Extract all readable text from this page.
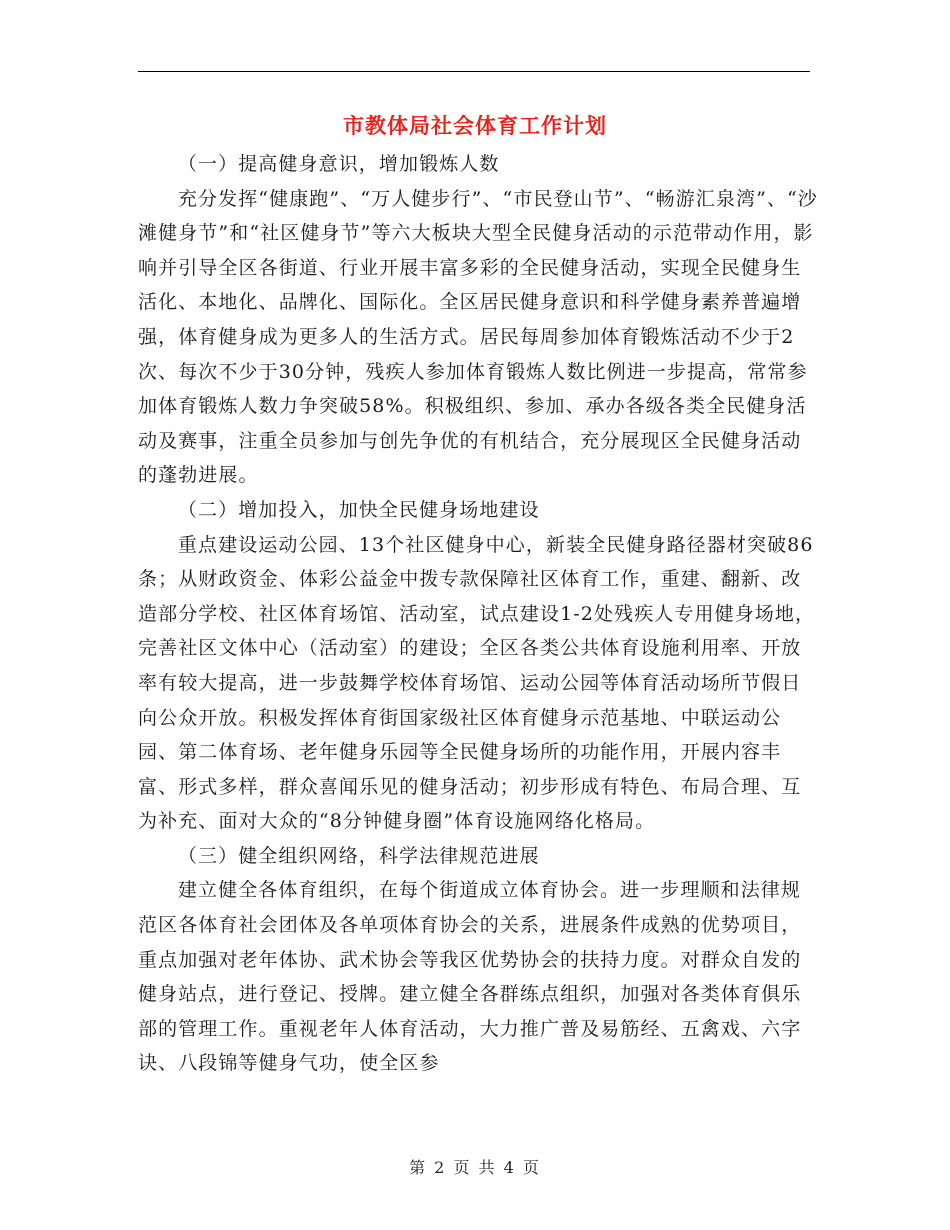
市教体局社会体育工作计划

（一）提高健身意识，增加锻炼人数

充分发挥“健康跑”、“万人健步行”、“市民登山节”、“畅游汇泉湾”、“沙滩健身节”和“社区健身节”等六大板块大型全民健身活动的示范带动作用，影响并引导全区各街道、行业开展丰富多彩的全民健身活动，实现全民健身生活化、本地化、品牌化、国际化。全区居民健身意识和科学健身素养普遍增强，体育健身成为更多人的生活方式。居民每周参加体育锻炼活动不少于2次、每次不少于30分钟，残疾人参加体育锻炼人数比例进一步提高，常常参加体育锻炼人数力争突破58%。积极组织、参加、承办各级各类全民健身活动及赛事，注重全员参加与创先争优的有机结合，充分展现区全民健身活动的蓬勃进展。

（二）增加投入，加快全民健身场地建设

重点建设运动公园、13个社区健身中心，新装全民健身路径器材突破86条；从财政资金、体彩公益金中拨专款保障社区体育工作，重建、翻新、改造部分学校、社区体育场馆、活动室，试点建设1-2处残疾人专用健身场地，完善社区文体中心（活动室）的建设；全区各类公共体育设施利用率、开放率有较大提高，进一步鼓舞学校体育场馆、运动公园等体育活动场所节假日向公众开放。积极发挥体育街国家级社区体育健身示范基地、中联运动公园、第二体育场、老年健身乐园等全民健身场所的功能作用，开展内容丰富、形式多样，群众喜闻乐见的健身活动；初步形成有特色、布局合理、互为补充、面对大众的“8分钟健身圈”体育设施网络化格局。

（三）健全组织网络，科学法律规范进展

建立健全各体育组织，在每个街道成立体育协会。进一步理顺和法律规范区各体育社会团体及各单项体育协会的关系，进展条件成熟的优势项目，重点加强对老年体协、武术协会等我区优势协会的扶持力度。对群众自发的健身站点，进行登记、授牌。建立健全各群练点组织，加强对各类体育俱乐部的管理工作。重视老年人体育活动，大力推广普及易筋经、五禽戏、六字诀、八段锦等健身气功，使全区参

第 2 页 共 4 页
